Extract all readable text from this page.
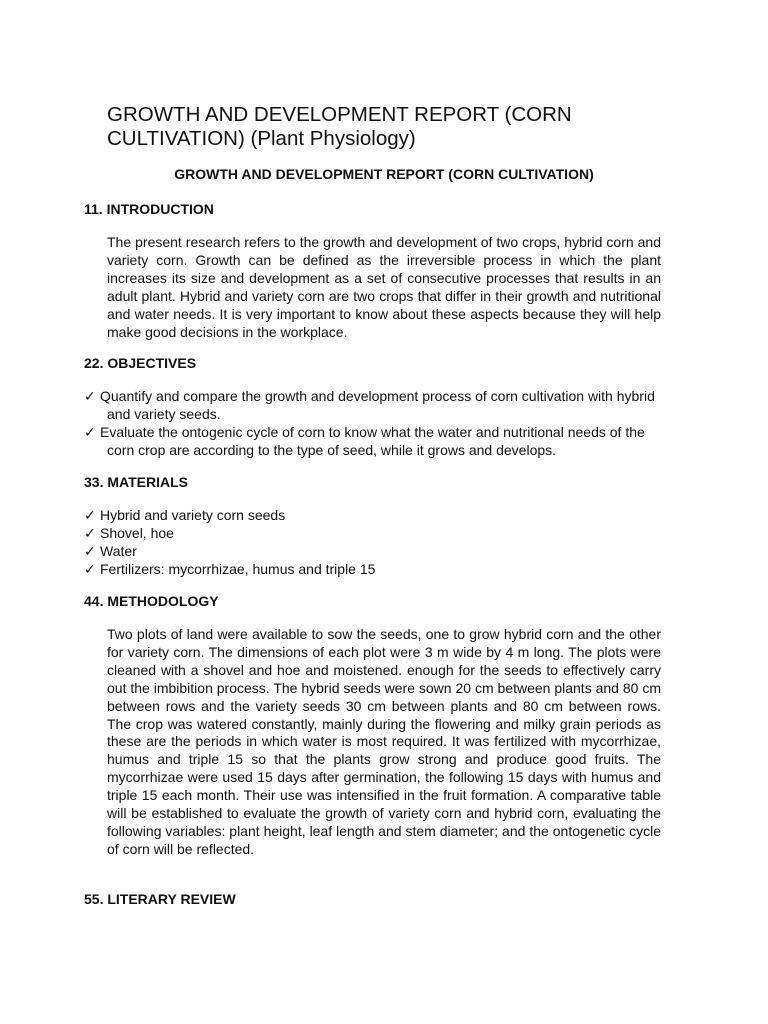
GROWTH AND DEVELOPMENT REPORT (CORN CULTIVATION) (Plant Physiology)
GROWTH AND DEVELOPMENT REPORT (CORN CULTIVATION)
11. INTRODUCTION

The present research refers to the growth and development of two crops, hybrid corn and variety corn. Growth can be defined as the irreversible process in which the plant increases its size and development as a set of consecutive processes that results in an adult plant. Hybrid and variety corn are two crops that differ in their growth and nutritional and water needs. It is very important to know about these aspects because they will help make good decisions in the workplace.

22. OBJECTIVES
✓ Quantify and compare the growth and development process of corn cultivation with hybrid and variety seeds.
✓ Evaluate the ontogenic cycle of corn to know what the water and nutritional needs of the corn crop are according to the type of seed, while it grows and develops.
33. MATERIALS
✓ Hybrid and variety corn seeds
✓ Shovel, hoe
✓ Water
✓ Fertilizers: mycorrhizae, humus and triple 15
44. METHODOLOGY

Two plots of land were available to sow the seeds, one to grow hybrid corn and the other for variety corn. The dimensions of each plot were 3 m wide by 4 m long. The plots were cleaned with a shovel and hoe and moistened. enough for the seeds to effectively carry out the imbibition process. The hybrid seeds were sown 20 cm between plants and 80 cm between rows and the variety seeds 30 cm between plants and 80 cm between rows. The crop was watered constantly, mainly during the flowering and milky grain periods as these are the periods in which water is most required. It was fertilized with mycorrhizae, humus and triple 15 so that the plants grow strong and produce good fruits. The mycorrhizae were used 15 days after germination, the following 15 days with humus and triple 15 each month. Their use was intensified in the fruit formation. A comparative table will be established to evaluate the growth of variety corn and hybrid corn, evaluating the following variables: plant height, leaf length and stem diameter; and the ontogenetic cycle of corn will be reflected.

55. LITERARY REVIEW
